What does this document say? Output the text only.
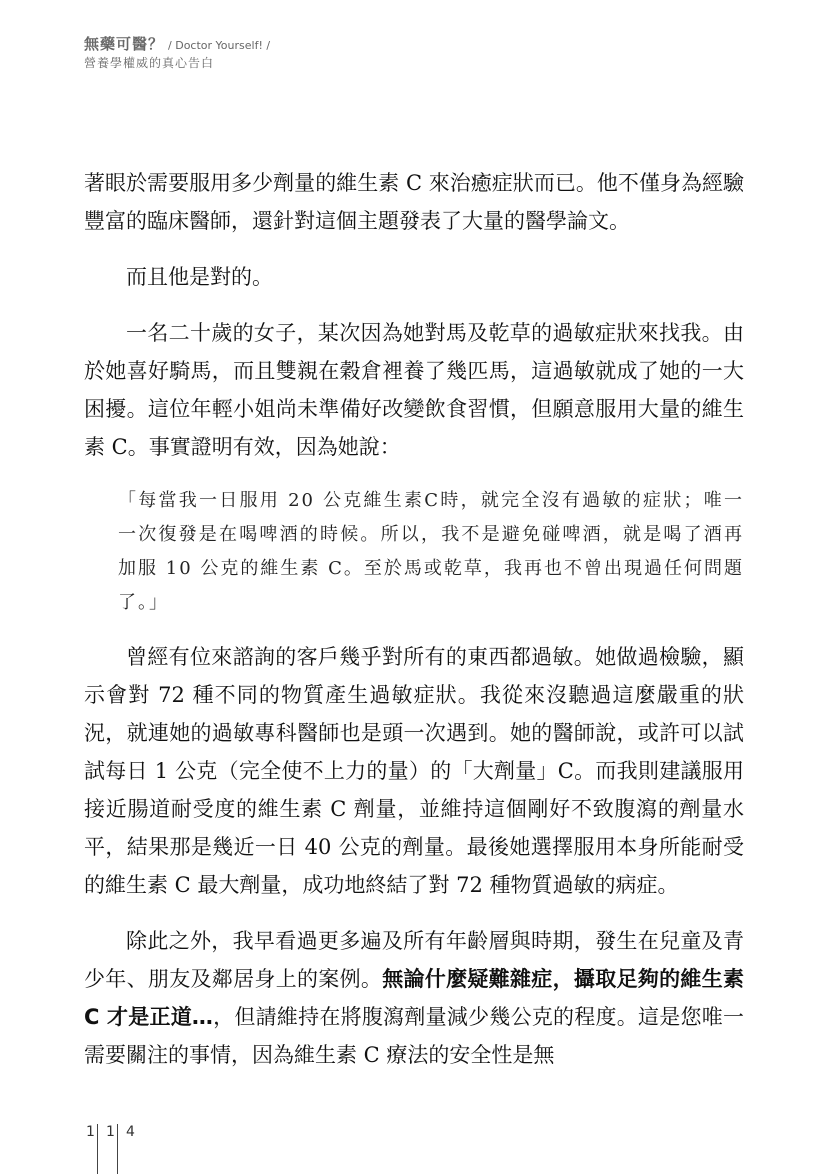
無藥可醫？ / Doctor Yourself! /
營養學權威的真心告白

著眼於需要服用多少劑量的維生素 C 來治癒症狀而已。他不僅身為經驗豐富的臨床醫師，還針對這個主題發表了大量的醫學論文。

而且他是對的。

一名二十歲的女子，某次因為她對馬及乾草的過敏症狀來找我。由於她喜好騎馬，而且雙親在穀倉裡養了幾匹馬，這過敏就成了她的一大困擾。這位年輕小姐尚未準備好改變飲食習慣，但願意服用大量的維生素 C。事實證明有效，因為她說：

「每當我一日服用 20 公克維生素C時，就完全沒有過敏的症狀；唯一一次復發是在喝啤酒的時候。所以，我不是避免碰啤酒，就是喝了酒再加服 10 公克的維生素 C。至於馬或乾草，我再也不曾出現過任何問題了。」

曾經有位來諮詢的客戶幾乎對所有的東西都過敏。她做過檢驗，顯示會對 72 種不同的物質產生過敏症狀。我從來沒聽過這麼嚴重的狀況，就連她的過敏專科醫師也是頭一次遇到。她的醫師說，或許可以試試每日 1 公克（完全使不上力的量）的「大劑量」C。而我則建議服用接近腸道耐受度的維生素 C 劑量，並維持這個剛好不致腹瀉的劑量水平，結果那是幾近一日 40 公克的劑量。最後她選擇服用本身所能耐受的維生素 C 最大劑量，成功地終結了對 72 種物質過敏的病症。

除此之外，我早看過更多遍及所有年齡層與時期，發生在兒童及青少年、朋友及鄰居身上的案例。無論什麼疑難雜症，攝取足夠的維生素 C 才是正道…，但請維持在將腹瀉劑量減少幾公克的程度。這是您唯一需要關注的事情，因為維生素 C 療法的安全性是無

1 1 4
